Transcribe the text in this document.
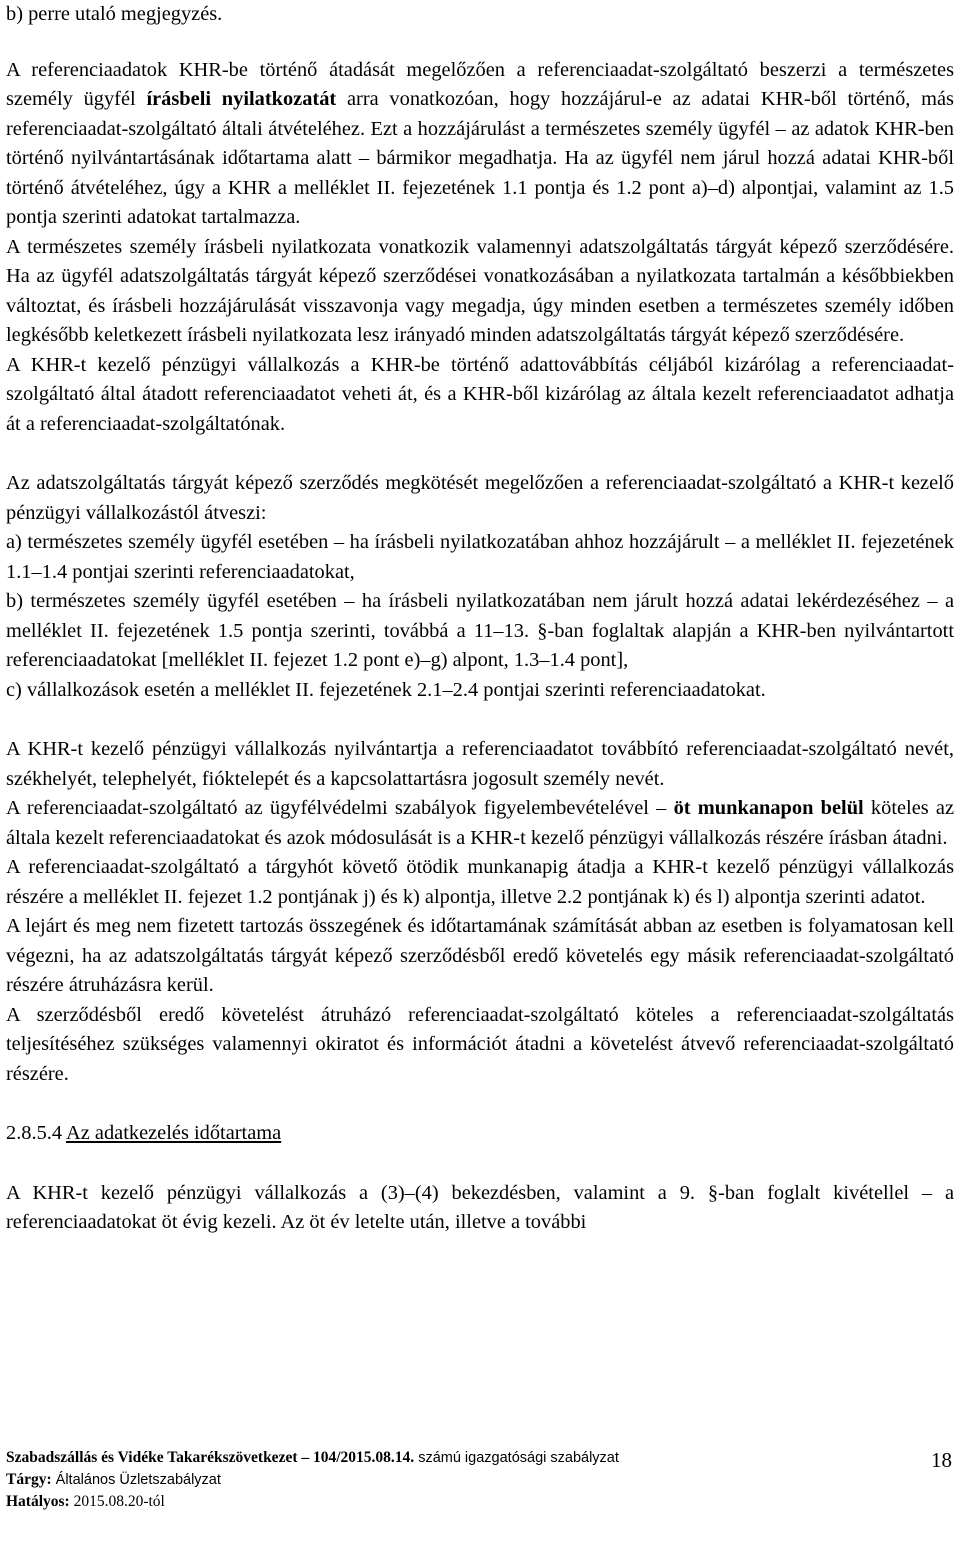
b) perre utaló megjegyzés.

A referenciaadatok KHR-be történő átadását megelőzően a referenciaadat-szolgáltató beszerzi a természetes személy ügyfél írásbeli nyilatkozatát arra vonatkozóan, hogy hozzájárul-e az adatai KHR-ből történő, más referenciaadat-szolgáltató általi átvételéhez. Ezt a hozzájárulást a természetes személy ügyfél – az adatok KHR-ben történő nyilvántartásának időtartama alatt – bármikor megadhatja. Ha az ügyfél nem járul hozzá adatai KHR-ből történő átvételéhez, úgy a KHR a melléklet II. fejezetének 1.1 pontja és 1.2 pont a)–d) alpontjai, valamint az 1.5 pontja szerinti adatokat tartalmazza.

A természetes személy írásbeli nyilatkozata vonatkozik valamennyi adatszolgáltatás tárgyát képező szerződésére. Ha az ügyfél adatszolgáltatás tárgyát képező szerződései vonatkozásában a nyilatkozata tartalmán a későbbiekben változtat, és írásbeli hozzájárulását visszavonja vagy megadja, úgy minden esetben a természetes személy időben legkésőbb keletkezett írásbeli nyilatkozata lesz irányadó minden adatszolgáltatás tárgyát képező szerződésére.

A KHR-t kezelő pénzügyi vállalkozás a KHR-be történő adattovábbítás céljából kizárólag a referenciaadat-szolgáltató által átadott referenciaadatot veheti át, és a KHR-ből kizárólag az általa kezelt referenciaadatot adhatja át a referenciaadat-szolgáltatónak.

Az adatszolgáltatás tárgyát képező szerződés megkötését megelőzően a referenciaadat-szolgáltató a KHR-t kezelő pénzügyi vállalkozástól átveszi:

a) természetes személy ügyfél esetében – ha írásbeli nyilatkozatában ahhoz hozzájárult – a melléklet II. fejezetének 1.1–1.4 pontjai szerinti referenciaadatokat,

b) természetes személy ügyfél esetében – ha írásbeli nyilatkozatában nem járult hozzá adatai lekérdezéséhez – a melléklet II. fejezetének 1.5 pontja szerinti, továbbá a 11–13. §-ban foglaltak alapján a KHR-ben nyilvántartott referenciaadatokat [melléklet II. fejezet 1.2 pont e)–g) alpont, 1.3–1.4 pont],

c) vállalkozások esetén a melléklet II. fejezetének 2.1–2.4 pontjai szerinti referenciaadatokat.

A KHR-t kezelő pénzügyi vállalkozás nyilvántartja a referenciaadatot továbbító referenciaadat-szolgáltató nevét, székhelyét, telephelyét, fióktelepét és a kapcsolattartásra jogosult személy nevét.

A referenciaadat-szolgáltató az ügyfélvédelmi szabályok figyelembevételével – öt munkanapon belül köteles az általa kezelt referenciaadatokat és azok módosulását is a KHR-t kezelő pénzügyi vállalkozás részére írásban átadni.

A referenciaadat-szolgáltató a tárgyhót követő ötödik munkanapig átadja a KHR-t kezelő pénzügyi vállalkozás részére a melléklet II. fejezet 1.2 pontjának j) és k) alpontja, illetve 2.2 pontjának k) és l) alpontja szerinti adatot.

A lejárt és meg nem fizetett tartozás összegének és időtartamának számítását abban az esetben is folyamatosan kell végezni, ha az adatszolgáltatás tárgyát képező szerződésből eredő követelés egy másik referenciaadat-szolgáltató részére átruházásra kerül.

A szerződésből eredő követelést átruházó referenciaadat-szolgáltató köteles a referenciaadat-szolgáltatás teljesítéséhez szükséges valamennyi okiratot és információt átadni a követelést átvevő referenciaadat-szolgáltató részére.

2.8.5.4 Az adatkezelés időtartama

A KHR-t kezelő pénzügyi vállalkozás a (3)–(4) bekezdésben, valamint a 9. §-ban foglalt kivétellel – a referenciaadatokat öt évig kezeli. Az öt év letelte után, illetve a további

Szabadszállás és Vidéke Takarékszövetkezet – 104/2015.08.14. számú igazgatósági szabályzat
Tárgy: Általános Üzletszabályzat
Hatályos: 2015.08.20-tól
18
